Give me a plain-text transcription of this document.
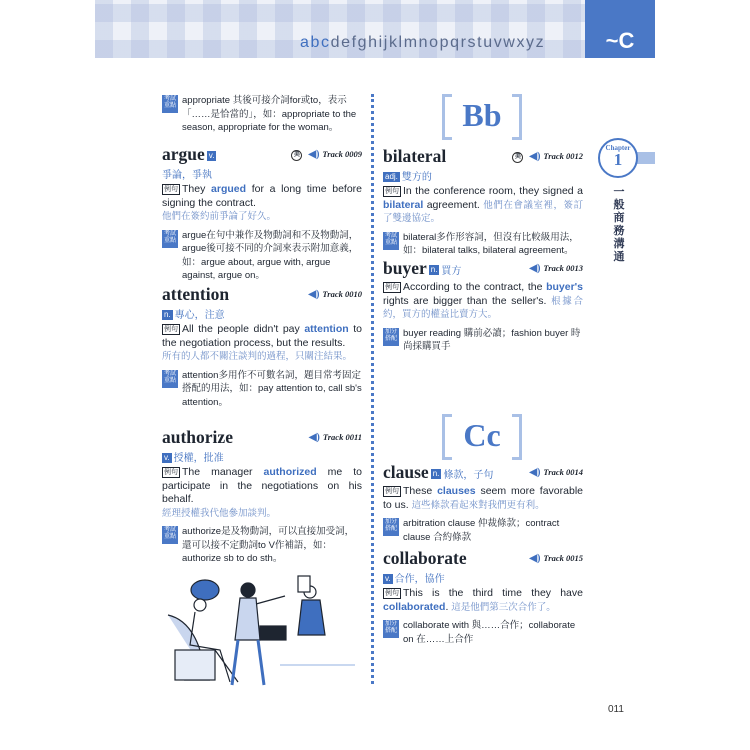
abcdefghijklmnopqrstuvwxyz	~C
Chapter
1
一般商務溝通
考試重點 appropriate 其後可接介詞for或to，表示「……是恰當的」，如：appropriate to the season, appropriate for the woman。
argue v.	美 ◀) Track 0009
爭論，爭執
例句 They argued for a long time before signing the contract.
他們在簽約前爭論了好久。
考試重點 argue在句中兼作及物動詞和不及物動詞，argue後可接不同的介詞來表示附加意義，如：argue about, argue with, argue against, argue on。
attention	◀) Track 0010
n. 專心，注意
例句 All the people didn't pay attention to the negotiation process, but the results.
所有的人都不關注談判的過程，只關注結果。
考試重點 attention多用作不可數名詞，題目常考固定搭配的用法，如：pay attention to, call sb's attention。
authorize	◀) Track 0011
v. 授權，批准
例句 The manager authorized me to participate in the negotiations on his behalf.
經理授權我代他參加談判。
考試重點 authorize是及物動詞，可以直接加受詞，還可以接不定動詞to V作補語，如：authorize sb to do sth。
Bb
Cc
bilateral	美 ◀) Track 0012
adj. 雙方的
例句 In the conference room, they signed a bilateral agreement. 他們在會議室裡，簽訂了雙邊協定。
考試重點 bilateral多作形容詞，但沒有比較級用法，如：bilateral talks, bilateral agreement。
buyer n. 買方	◀) Track 0013
例句 According to the contract, the buyer's rights are bigger than the seller's. 根據合約，買方的權益比賣方大。
加分搭配 buyer reading 購前必讀；fashion buyer 時尚採購買手
clause n. 條款，子句	◀) Track 0014
例句 These clauses seem more favorable to us. 這些條款看起來對我們更有利。
加分搭配 arbitration clause 仲裁條款；contract clause 合約條款
collaborate	◀) Track 0015
v. 合作，協作
例句 This is the third time they have collaborated. 這是他們第三次合作了。
加分搭配 collaborate with 與……合作；collaborate on 在……上合作
011
